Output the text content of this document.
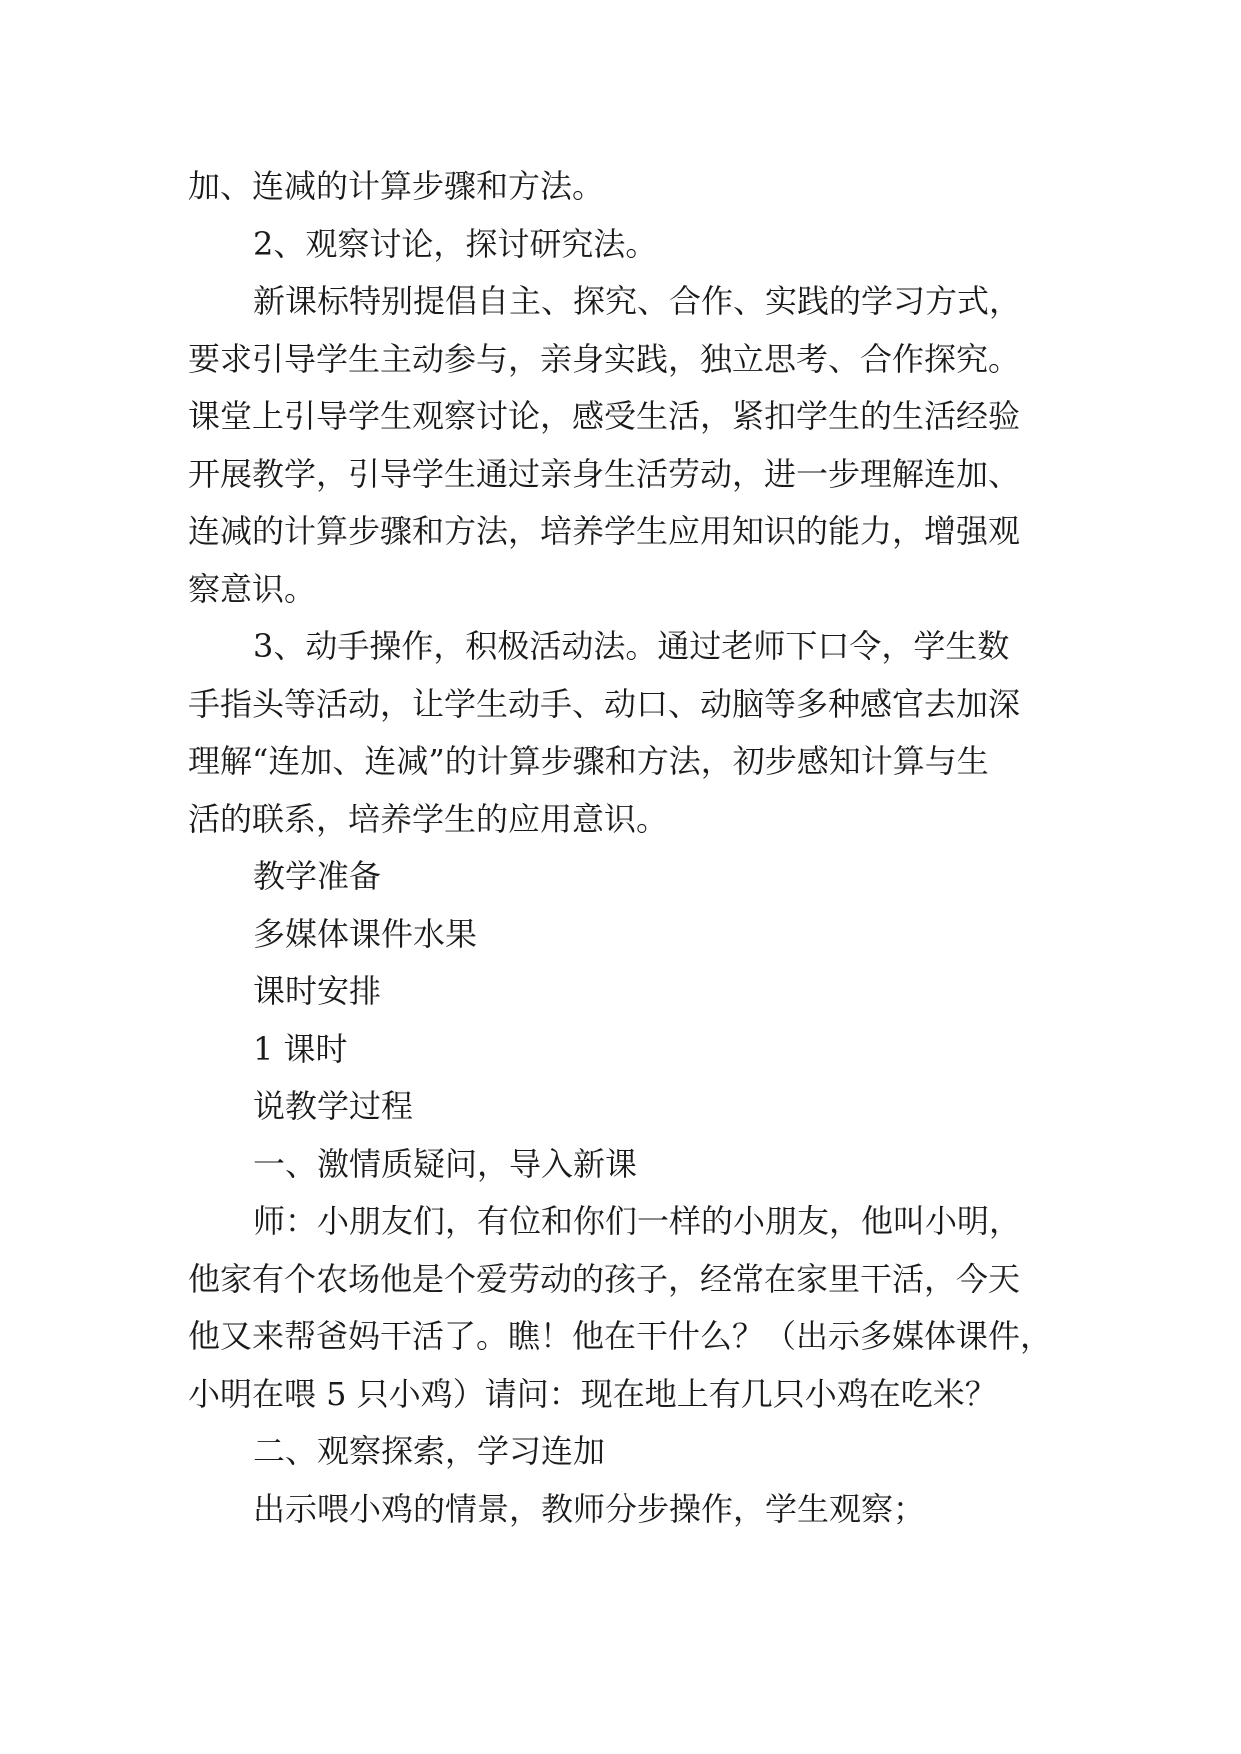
加、连减的计算步骤和方法。
2、观察讨论，探讨研究法。
新课标特别提倡自主、探究、合作、实践的学习方式，
要求引导学生主动参与，亲身实践，独立思考、合作探究。
课堂上引导学生观察讨论，感受生活，紧扣学生的生活经验
开展教学，引导学生通过亲身生活劳动，进一步理解连加、
连减的计算步骤和方法，培养学生应用知识的能力，增强观
察意识。
3、动手操作，积极活动法。通过老师下口令，学生数
手指头等活动，让学生动手、动口、动脑等多种感官去加深
理解“连加、连减”的计算步骤和方法，初步感知计算与生
活的联系，培养学生的应用意识。
教学准备
多媒体课件水果
课时安排
1 课时
说教学过程
一、激情质疑问，导入新课
师：小朋友们，有位和你们一样的小朋友，他叫小明，
他家有个农场他是个爱劳动的孩子，经常在家里干活，今天
他又来帮爸妈干活了。瞧！他在干什么？（出示多媒体课件，
小明在喂 5 只小鸡）请问：现在地上有几只小鸡在吃米？
二、观察探索，学习连加
出示喂小鸡的情景，教师分步操作，学生观察；
